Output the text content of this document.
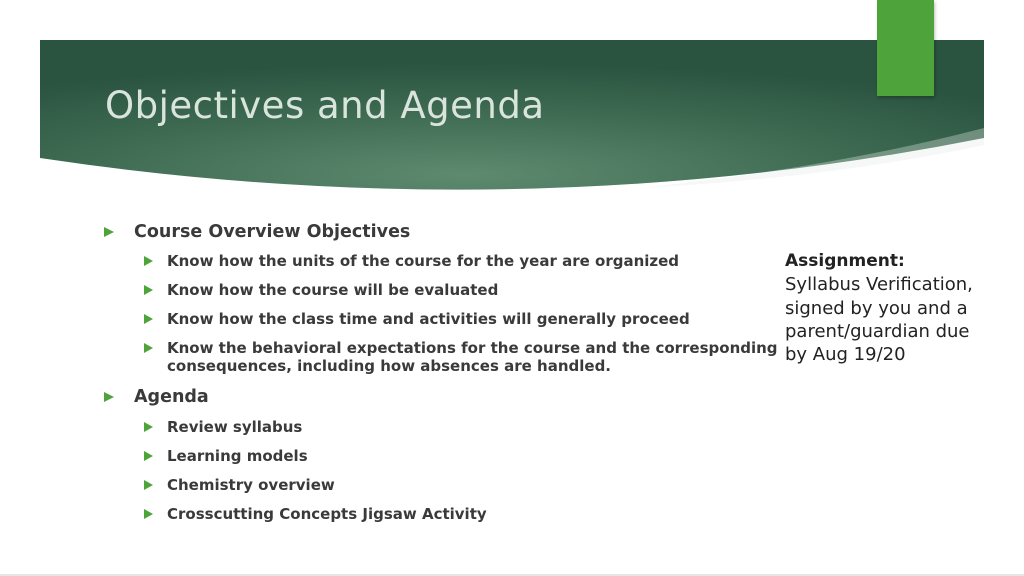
Objectives and Agenda
Course Overview Objectives
Know how the units of the course for the year are organized
Know how the course will be evaluated
Know how the class time and activities will generally proceed
Know the behavioral expectations for the course and the corresponding consequences, including how absences are handled.
Agenda
Review syllabus
Learning models
Chemistry overview
Crosscutting Concepts Jigsaw Activity
Assignment:
Syllabus Verification, signed by you and a parent/guardian due by Aug 19/20
